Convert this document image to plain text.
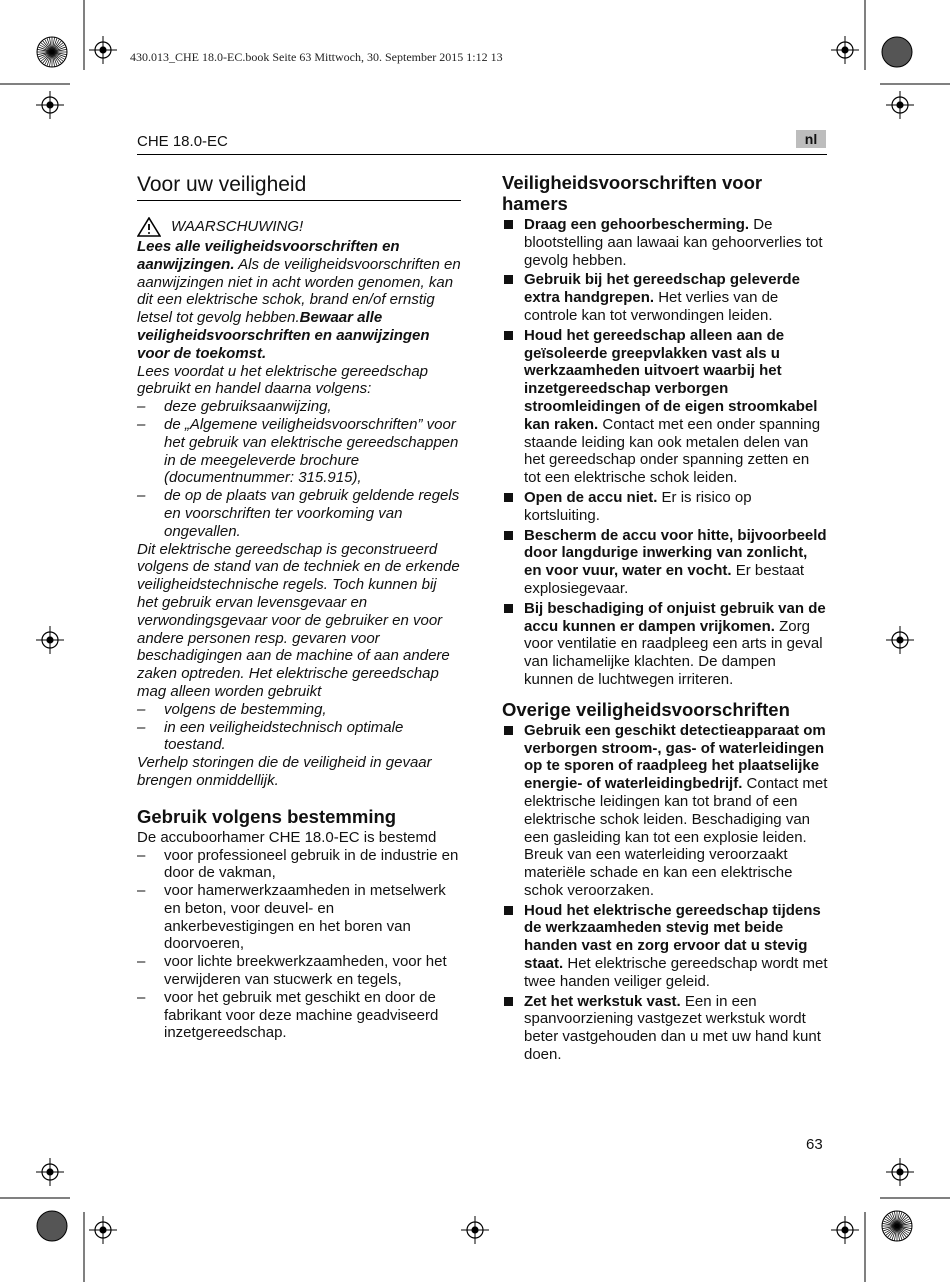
430.013_CHE 18.0-EC.book Seite 63 Mittwoch, 30. September 2015 1:12 13
CHE 18.0-EC	nl
Voor uw veiligheid
WAARSCHUWING!

Lees alle veiligheidsvoorschriften en aanwijzingen. Als de veiligheidsvoorschriften en aanwijzingen niet in acht worden genomen, kan dit een elektrische schok, brand en/of ernstig letsel tot gevolg hebben.Bewaar alle veiligheidsvoorschriften en aanwijzingen voor de toekomst.

Lees voordat u het elektrische gereedschap gebruikt en handel daarna volgens:

– deze gebruiksaanwijzing,
– de „Algemene veiligheidsvoorschriften” voor het gebruik van elektrische gereedschappen in de meegeleverde brochure (documentnummer: 315.915),
– de op de plaats van gebruik geldende regels en voorschriften ter voorkoming van ongevallen.

Dit elektrische gereedschap is geconstrueerd volgens de stand van de techniek en de erkende veiligheidstechnische regels. Toch kunnen bij het gebruik ervan levensgevaar en verwondingsgevaar voor de gebruiker en voor andere personen resp. gevaren voor beschadigingen aan de machine of aan andere zaken optreden. Het elektrische gereedschap mag alleen worden gebruikt

– volgens de bestemming,
– in een veiligheidstechnisch optimale toestand.

Verhelp storingen die de veiligheid in gevaar brengen onmiddellijk.

Gebruik volgens bestemming

De accuboorhamer CHE 18.0-EC is bestemd

– voor professioneel gebruik in de industrie en door de vakman,
– voor hamerwerkzaamheden in metselwerk en beton, voor deuvel- en ankerbevestigingen en het boren van doorvoeren,
– voor lichte breekwerkzaamheden, voor het verwijderen van stucwerk en tegels,
– voor het gebruik met geschikt en door de fabrikant voor deze machine geadviseerd inzetgereedschap.
Veiligheidsvoorschriften voor hamers
Draag een gehoorbescherming. De blootstelling aan lawaai kan gehoorverlies tot gevolg hebben.
Gebruik bij het gereedschap geleverde extra handgrepen. Het verlies van de controle kan tot verwondingen leiden.
Houd het gereedschap alleen aan de geïsoleerde greepvlakken vast als u werkzaamheden uitvoert waarbij het inzetgereedschap verborgen stroomleidingen of de eigen stroomkabel kan raken. Contact met een onder spanning staande leiding kan ook metalen delen van het gereedschap onder spanning zetten en tot een elektrische schok leiden.
Open de accu niet. Er is risico op kortsluiting.
Bescherm de accu voor hitte, bijvoorbeeld door langdurige inwerking van zonlicht, en voor vuur, water en vocht. Er bestaat explosiegevaar.
Bij beschadiging of onjuist gebruik van de accu kunnen er dampen vrijkomen. Zorg voor ventilatie en raadpleeg een arts in geval van lichamelijke klachten. De dampen kunnen de luchtwegen irriteren.
Overige veiligheidsvoorschriften
Gebruik een geschikt detectieapparaat om verborgen stroom-, gas- of waterleidingen op te sporen of raadpleeg het plaatselijke energie- of waterleidingbedrijf. Contact met elektrische leidingen kan tot brand of een elektrische schok leiden. Beschadiging van een gasleiding kan tot een explosie leiden. Breuk van een waterleiding veroorzaakt materiële schade en kan een elektrische schok veroorzaken.
Houd het elektrische gereedschap tijdens de werkzaamheden stevig met beide handen vast en zorg ervoor dat u stevig staat. Het elektrische gereedschap wordt met twee handen veiliger geleid.
Zet het werkstuk vast. Een in een spanvoorziening vastgezet werkstuk wordt beter vastgehouden dan u met uw hand kunt doen.
63
